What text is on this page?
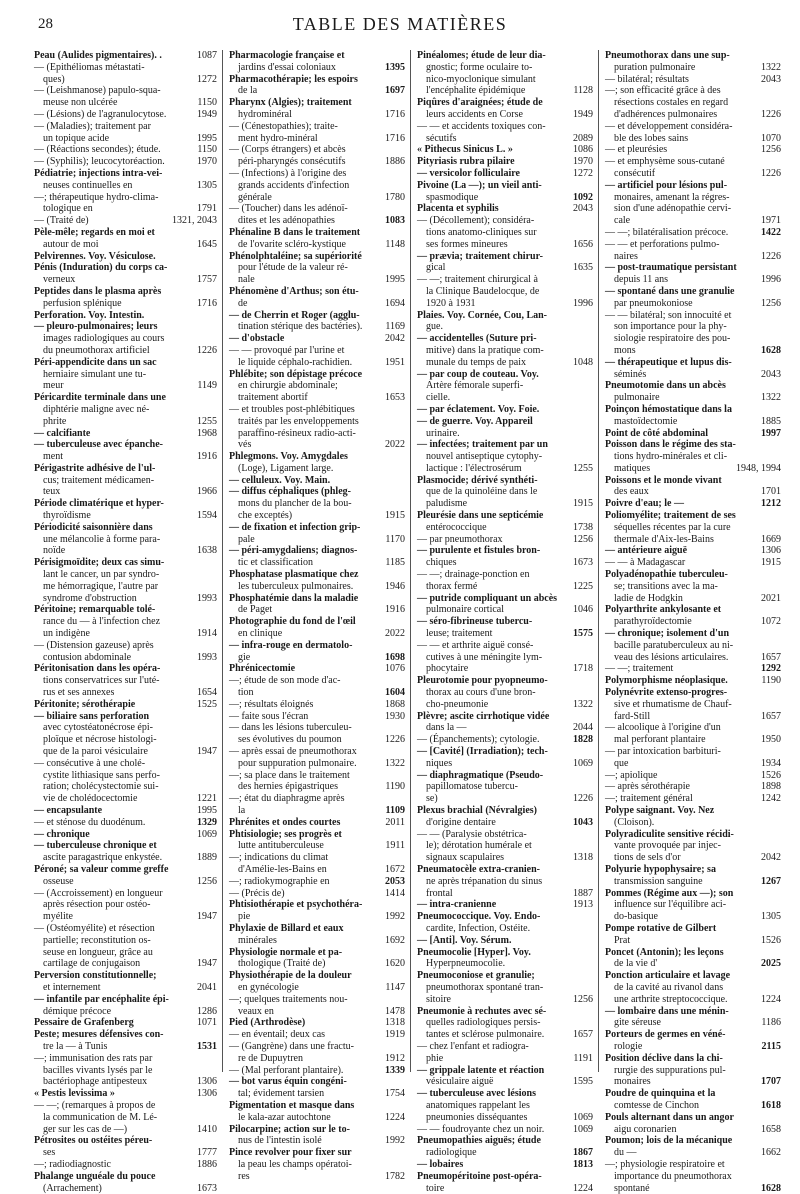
28	TABLE DES MATIÈRES
Peau (Aulides pigmentaires). .	1087
— (Epithéliomas métastati-
ques)	1272
— (Leishmanose) papulo-squa-
meuse non ulcérée	1150
— (Lésions) de l'agranulocytose.	1949
— (Maladies); traitement par
un topique acide	1995
— (Réactions secondes); étude.	1150
— (Syphilis); leucocytoréaction.	1970
Pédiatrie; injections intra-vei-
neuses continuelles en	1305
—; thérapeutique hydro-clima-
tologique en	1791
— (Traité de)	1321, 2043
Pèle-mêle; regards en moi et
autour de moi	1645
Pelvirennes. Voy. Vésiculose.
Pénis (Induration) du corps ca-
verneux	1757
Peptides dans le plasma après
perfusion splénique	1716
Perforation. Voy. Intestin.
— pleuro-pulmonaires; leurs
images radiologiques au cours
du pneumothorax artificiel	1226
Péri-appendicite dans un sac
herniaire simulant une tu-
meur	1149
Péricardite terminale dans une
diphtérie maligne avec né-
phrite	1255
— calcifiante	1968
— tuberculeuse avec épanche-
ment	1916
Périgastrite adhésive de l'ul-
cus; traitement médicamen-
teux	1966
Période climatérique et hyper-
thyroïdisme	1594
Périodicité saisonnière dans
une mélancolie à forme para-
noïde	1638
Périsigmoïdite; deux cas simu-
lant le cancer, un par syndro-
me hémorragique, l'autre par
syndrome d'obstruction	1993
Péritoine; remarquable tolé-
rance du — à l'infection chez
un indigène	1914
— (Distension gazeuse) après
contusion abdominale	1993
Péritonisation dans les opéra-
tions conservatrices sur l'uté-
rus et ses annexes	1654
Péritonite; sérothérapie	1525
— biliaire sans perforation
avec cytostéatonécrose épi-
ploïque et nécrose histologi-
que de la paroi vésiculaire	1947
— consécutive à une cholé-
cystite lithiasique sans perfo-
ration; cholécystectomie sui-
vie de cholédocectomie	1221
— encapsulante	1995
— et sténose du duodénum.	1329
— chronique	1069
— tuberculeuse chronique et
ascite paragastrique enkystée.	1889
Péroné; sa valeur comme greffe
osseuse	1256
— (Accroissement) en longueur
après résection pour ostéo-
myélite	1947
— (Ostéomyélite) et résection
partielle; reconstitution os-
seuse en longueur, grâce au
cartilage de conjugaison	1947
Perversion constitutionnelle;
et internement	2041
— infantile par encéphalite épi-
démique précoce	1286
Pessaire de Grafenberg	1071
Peste; mesures défensives con-
tre la — à Tunis	1531
—; immunisation des rats par
bacilles vivants lysés par le
bactériophage antipesteux	1306
« Pestis levissima »	1306
— —; (remarques à propos de
la communication de M. Lé-
ger sur les cas de —)	1410
Pétrosites ou ostéites péreu-
ses	1777
—; radiodiagnostic	1886
Phalange unguéale du pouce
(Arrachement)	1673
Pharmacologie française et
jardins d'essai coloniaux	1395
Pharmacothérapie; les espoirs
de la	1697
Pharynx (Algies); traitement
hydrominéral	1716
— (Cénestopathies); traite-
ment hydro-minéral	1716
— (Corps étrangers) et abcès
péri-pharyngés consécutifs	1886
— (Infections) à l'origine des
grands accidents d'infection
générale	1780
— (Toucher) dans les adénoï-
dites et les adénopathies	1083
Phénaline B dans le traitement
de l'ovarite scléro-kystique	1148
Phénolphtaléine; sa supériorité
pour l'étude de la valeur ré-
nale	1995
Phénomène d'Arthus; son étu-
de	1694
— de Cherrin et Roger (agglu-
tination stérique des bactéries).	1169
— d'obstacle	2042
— — provoqué par l'urine et
le liquide céphalo-rachidien.	1951
Phlébite; son dépistage précoce
en chirurgie abdominale;
traitement abortif	1653
— et troubles post-phlébitiques
traités par les enveloppements
paraffino-résineux radio-acti-
vés	2022
Phlegmons. Voy. Amygdales
(Loge), Ligament large.
— celluleux. Voy. Main.
— diffus céphaliques (phleg-
mons du plancher de la bou-
che exceptés)	1915
— de fixation et infection grip-
pale	1170
— péri-amygdaliens; diagnos-
tic et classification	1185
Phosphatase plasmatique chez
les tuberculeux pulmonaires.	1946
Phosphatémie dans la maladie
de Paget	1916
Photographie du fond de l'œil
en clinique	2022
— infra-rouge en dermatolo-
gie	1698
Phrénicectomie	1076
—; étude de son mode d'ac-
tion	1604
—; résultats éloignés	1868
— faite sous l'écran	1930
— dans les lésions tuberculeu-
ses évolutives du poumon	1226
— après essai de pneumothorax
pour suppuration pulmonaire.	1322
—; sa place dans le traitement
des hernies épigastriques	1190
—; état du diaphragme après
la	1109
Phrénites et ondes courtes	2011
Phtisiologie; ses progrès et
lutte antituberculeuse	1911
—; indications du climat
d'Amélie-les-Bains en	1672
—; radiokymographie en	2053
— (Précis de)	1414
Phtisiothérapie et psychothéra-
pie	1992
Phylaxie de Billard et eaux
minérales	1692
Physiologie normale et pa-
thologique (Traité de)	1620
Physiothérapie de la douleur
en gynécologie	1147
—; quelques traitements nou-
veaux en	1478
Pied (Arthrodèse)	1318
— en éventail; deux cas	1919
— (Gangrène) dans une fractu-
re de Dupuytren	1912
— (Mal perforant plantaire).	1339
— bot varus équin congéni-
tal; évidement tarsien	1754
Pigmentation et masque dans
le kala-azar autochtone	1224
Pilocarpine; action sur le to-
nus de l'intestin isolé	1992
Pince revolver pour fixer sur
la peau les champs opératoi-
res	1782
Pinéalomes; étude de leur dia-
gnostic; forme oculaire to-
nico-myoclonique simulant
l'encéphalite épidémique	1128
Piqûres d'araignées; étude de
leurs accidents en Corse	1949
— — et accidents toxiques con-
sécutifs	2089
« Pithecus Sinicus L. »	1086
Pityriasis rubra pilaire	1970
— versicolor folliculaire	1272
Pivoine (La —); un vieil anti-
spasmodique	1092
Placenta et syphilis	2043
— (Décollement); considéra-
tions anatomo-cliniques sur
ses formes mineures	1656
— prævia; traitement chirur-
gical	1635
— —; traitement chirurgical à
la Clinique Baudelocque, de
1920 à 1931	1996
Plaies. Voy. Cornée, Cou, Lan-
gue.
— accidentelles (Suture pri-
mitive) dans la pratique com-
munale du temps de paix	1048
— par coup de couteau. Voy.
Artère fémorale superfi-
cielle.
— par éclatement. Voy. Foie.
— de guerre. Voy. Appareil
urinaire.
— infectées; traitement par un
nouvel antiseptique cytophy-
lactique : l'électrosérum	1255
Plasmocide; dérivé synthéti-
que de la quinoléine dans le
paludisme	1915
Pleurésie dans une septicémie
entérococcique	1738
— par pneumothorax	1256
— purulente et fistules bron-
chiques	1673
— —; drainage-ponction en
thorax fermé	1225
— putride compliquant un abcès
pulmonaire cortical	1046
— séro-fibrineuse tubercu-
leuse; traitement	1575
— — et arthrite aiguë consé-
cutives à une méningite lym-
phocytaire	1718
Pleurotomie pour pyopneumo-
thorax au cours d'une bron-
cho-pneumonie	1322
Plèvre; ascite cirrhotique vidée
dans la —	2044
— (Épanchements); cytologie.	1828
— [Cavité] (Irradiation); tech-
niques	1069
— diaphragmatique (Pseudo-
papillomatose tubercu-
se)	1226
Plexus brachial (Névralgies)
d'origine dentaire	1043
— — (Paralysie obstétrica-
le); dérotation humérale et
signaux scapulaires	1318
Pneumatocèle extra-cranien-
ne après trépanation du sinus
frontal	1887
— intra-cranienne	1913
Pneumococcique. Voy. Endo-
cardite, Infection, Ostéite.
— [Anti]. Voy. Sérum.
Pneumocolie [Hyper]. Voy.
Hyperpneumocolie.
Pneumoconiose et granulie;
pneumothorax spontané tran-
sitoire	1256
Pneumonie à rechutes avec sé-
quelles radiologiques persis-
tantes et sclérose pulmonaire.	1657
— chez l'enfant et radiogra-
phie	1191
— grippale latente et réaction
vésiculaire aiguë	1595
— tuberculeuse avec lésions
anatomiques rappelant les
pneumonies disséquantes	1069
— — foudroyante chez un noir.	1069
Pneumopathies aiguës; étude
radiologique	1867
— lobaires	1813
Pneumopéritoine post-opéra-
toire	1224
Pneumothorax dans une sup-
puration pulmonaire	1322
— bilatéral; résultats	2043
—; son efficacité grâce à des
résections costales en regard
d'adhérences pulmonaires	1226
— et développement considéra-
ble des lobes sains	1070
— et pleurésies	1256
— et emphysème sous-cutané
consécutif	1226
— artificiel pour lésions pul-
monaires, amenant la régres-
sion d'une adénopathie cervi-
cale	1971
— —; bilatéralisation précoce.	1422
— — et perforations pulmo-
naires	1226
— post-traumatique persistant
depuis 11 ans	1996
— spontané dans une granulie
par pneumokoniose	1256
— — bilatéral; son innocuité et
son importance pour la phy-
siologie respiratoire des pou-
mons	1628
— thérapeutique et lupus dis-
séminés	2043
Pneumotomie dans un abcès
pulmonaire	1322
Poinçon hémostatique dans la
mastoïdectomie	1885
Point de côté abdominal	1997
Poisson dans le régime des sta-
tions hydro-minérales et cli-
matiques	1948, 1994
Poissons et le monde vivant
des eaux	1701
Poivre d'eau; le —	1212
Poliomyélite; traitement de ses
séquelles récentes par la cure
thermale d'Aix-les-Bains	1669
— antérieure aiguë	1306
— — à Madagascar	1915
Polyadénopathie tuberculeu-
se; transitions avec la ma-
ladie de Hodgkin	2021
Polyarthrite ankylosante et
parathyroïdectomie	1072
— chronique; isolement d'un
bacille paratuberculeux au ni-
veau des lésions articulaires.	1657
— —; traitement	1292
Polymorphisme néoplasique.	1190
Polynévrite extenso-progres-
sive et rhumatisme de Chauf-
fard-Still	1657
— alcoolique à l'origine d'un
mal perforant plantaire	1950
— par intoxication barbituri-
que	1934
—; apiolique	1526
— après sérothérapie	1898
—; traitement général	1242
Polype saignant. Voy. Nez
(Cloison).
Polyradiculite sensitive récidi-
vante provoquée par injec-
tions de sels d'or	2042
Polyurie hypophysaire; sa
transmission sanguine	1267
Pommes (Régime aux —); son
influence sur l'équilibre aci-
do-basique	1305
Pompe rotative de Gilbert
Prat	1526
Poncet (Antonin); les leçons
de la vie d'	2025
Ponction articulaire et lavage
de la cavité au rivanol dans
une arthrite streptococcique.	1224
— lombaire dans une ménin-
gite séreuse	1186
Porteurs de germes en véné-
rologie	2115
Position déclive dans la chi-
rurgie des suppurations pul-
monaires	1707
Poudre de quinquina et la
comtesse de Cinchon	1618
Pouls alternant dans un angor
aigu coronarien	1658
Poumon; lois de la mécanique
du —	1662
—; physiologie respiratoire et
importance du pneumothorax
spontané	1628
